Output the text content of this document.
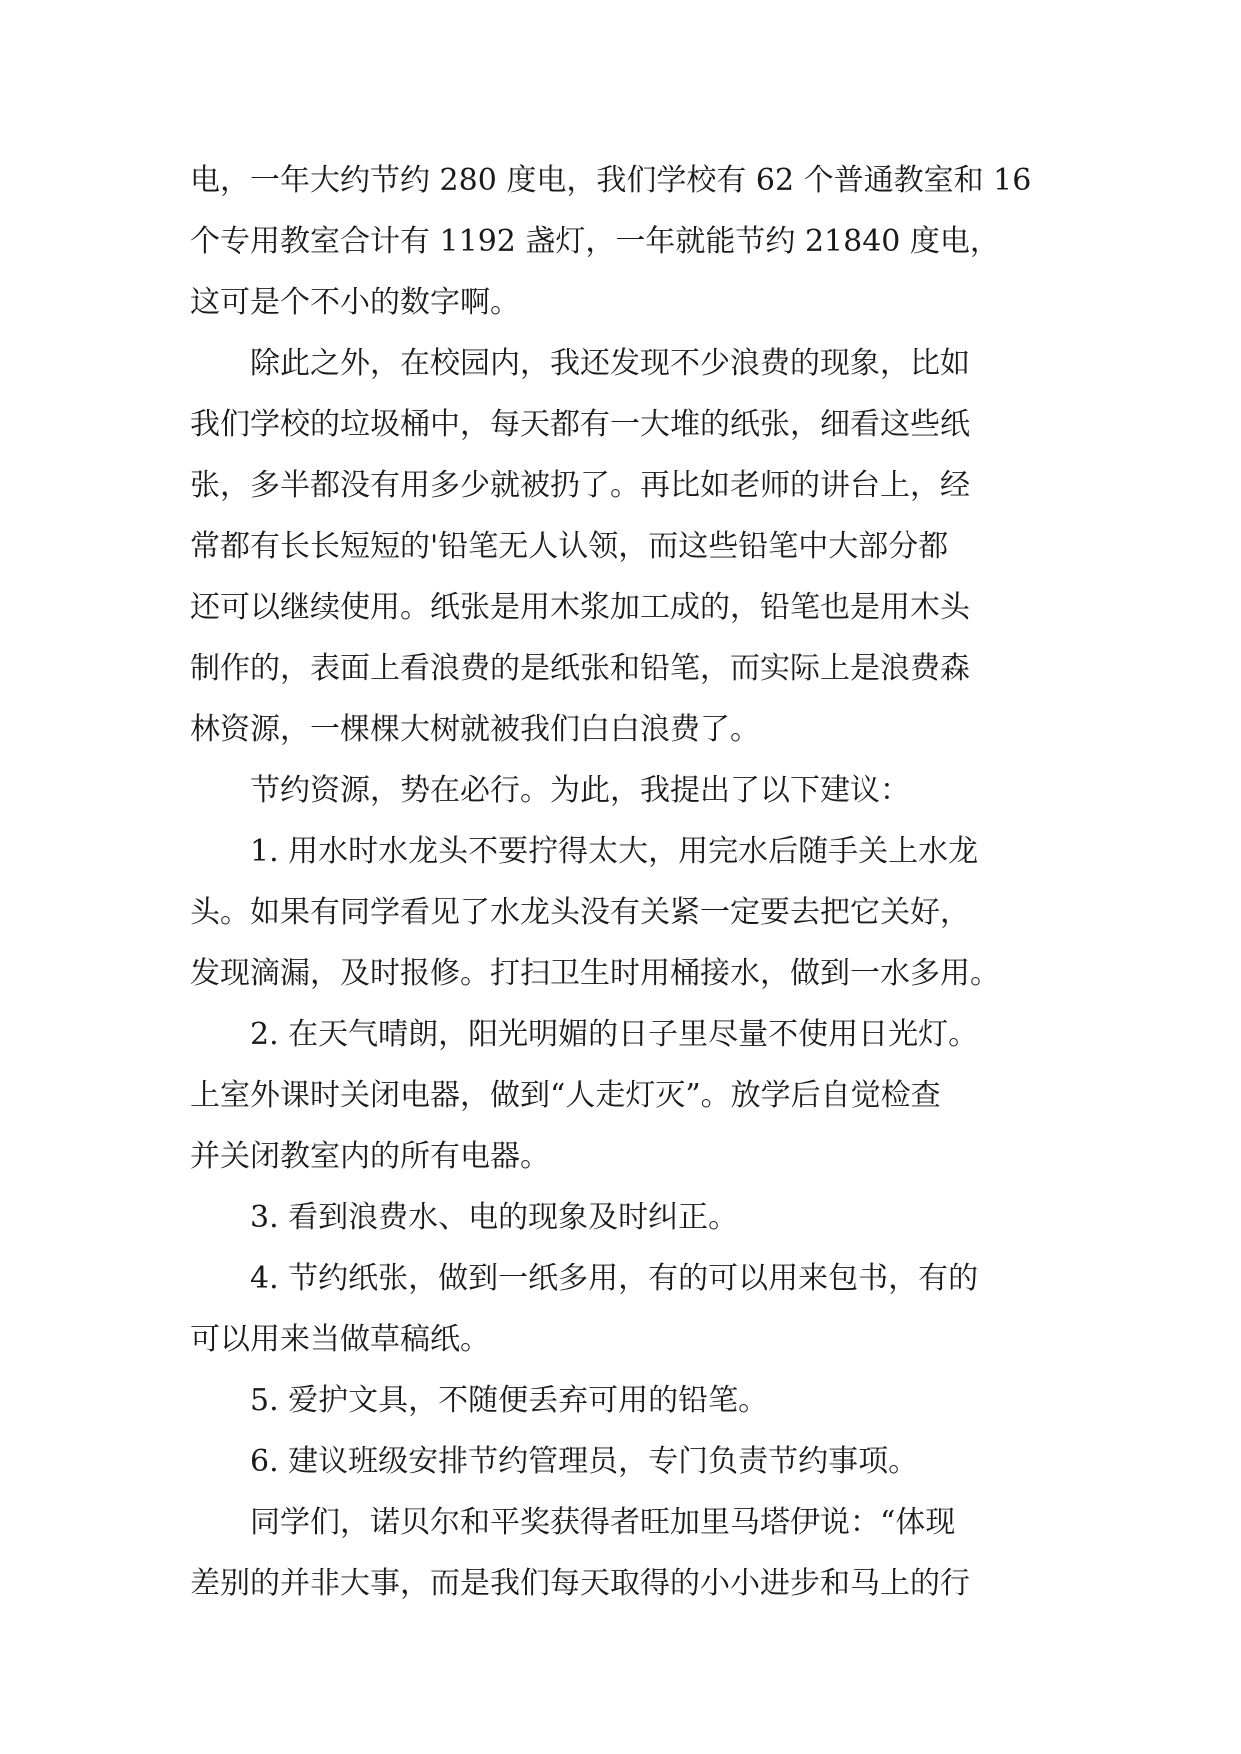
电，一年大约节约 280 度电，我们学校有 62 个普通教室和 16
个专用教室合计有 1192 盏灯，一年就能节约 21840 度电，
这可是个不小的数字啊。
除此之外，在校园内，我还发现不少浪费的现象，比如
我们学校的垃圾桶中，每天都有一大堆的纸张，细看这些纸
张，多半都没有用多少就被扔了。再比如老师的讲台上，经
常都有长长短短的'铅笔无人认领，而这些铅笔中大部分都
还可以继续使用。纸张是用木浆加工成的，铅笔也是用木头
制作的，表面上看浪费的是纸张和铅笔，而实际上是浪费森
林资源，一棵棵大树就被我们白白浪费了。
节约资源，势在必行。为此，我提出了以下建议：
1. 用水时水龙头不要拧得太大，用完水后随手关上水龙
头。如果有同学看见了水龙头没有关紧一定要去把它关好，
发现滴漏，及时报修。打扫卫生时用桶接水，做到一水多用。
2. 在天气晴朗，阳光明媚的日子里尽量不使用日光灯。
上室外课时关闭电器，做到“人走灯灭”。放学后自觉检查
并关闭教室内的所有电器。
3. 看到浪费水、电的现象及时纠正。
4. 节约纸张，做到一纸多用，有的可以用来包书，有的
可以用来当做草稿纸。
5. 爱护文具，不随便丢弃可用的铅笔。
6. 建议班级安排节约管理员，专门负责节约事项。
同学们，诺贝尔和平奖获得者旺加里马塔伊说：“体现
差别的并非大事，而是我们每天取得的小小进步和马上的行
